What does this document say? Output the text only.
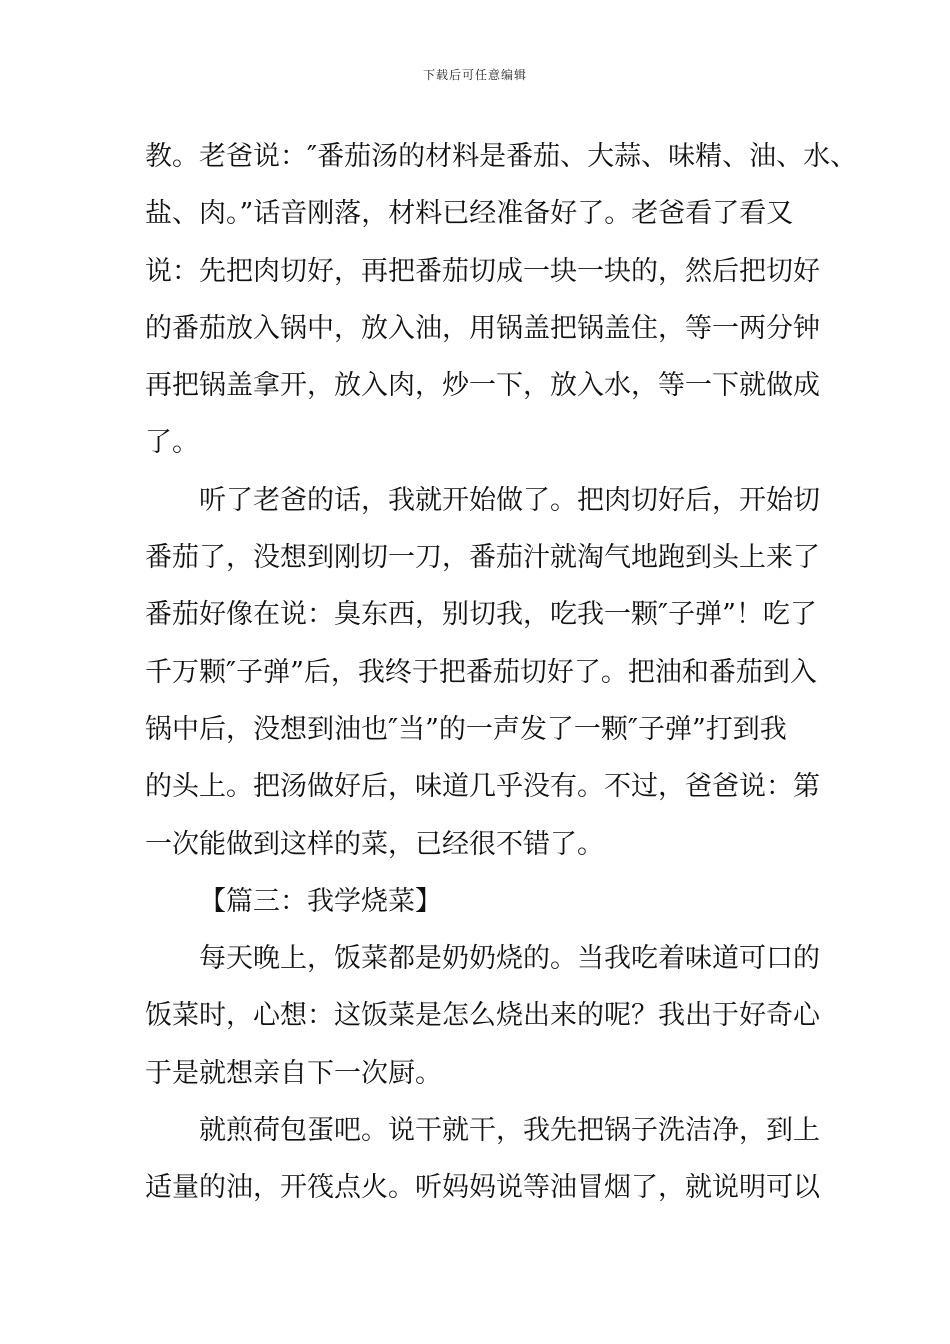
下载后可任意编辑
教。老爸说：″番茄汤的材料是番茄、大蒜、味精、油、水、
盐、肉。”话音刚落，材料已经准备好了。老爸看了看又
说：先把肉切好，再把番茄切成一块一块的，然后把切好
的番茄放入锅中，放入油，用锅盖把锅盖住，等一两分钟
再把锅盖拿开，放入肉，炒一下，放入水，等一下就做成
了。
听了老爸的话，我就开始做了。把肉切好后，开始切
番茄了，没想到刚切一刀，番茄汁就淘气地跑到头上来了
番茄好像在说：臭东西，别切我，吃我一颗″子弹”！吃了
千万颗″子弹”后，我终于把番茄切好了。把油和番茄到入
锅中后，没想到油也″当”的一声发了一颗″子弹”打到我
的头上。把汤做好后，味道几乎没有。不过，爸爸说：第
一次能做到这样的菜，已经很不错了。
【篇三：我学烧菜】
每天晚上，饭菜都是奶奶烧的。当我吃着味道可口的
饭菜时，心想：这饭菜是怎么烧出来的呢？我出于好奇心
于是就想亲自下一次厨。
就煎荷包蛋吧。说干就干，我先把锅子洗洁净，到上
适量的油，开筏点火。听妈妈说等油冒烟了，就说明可以
